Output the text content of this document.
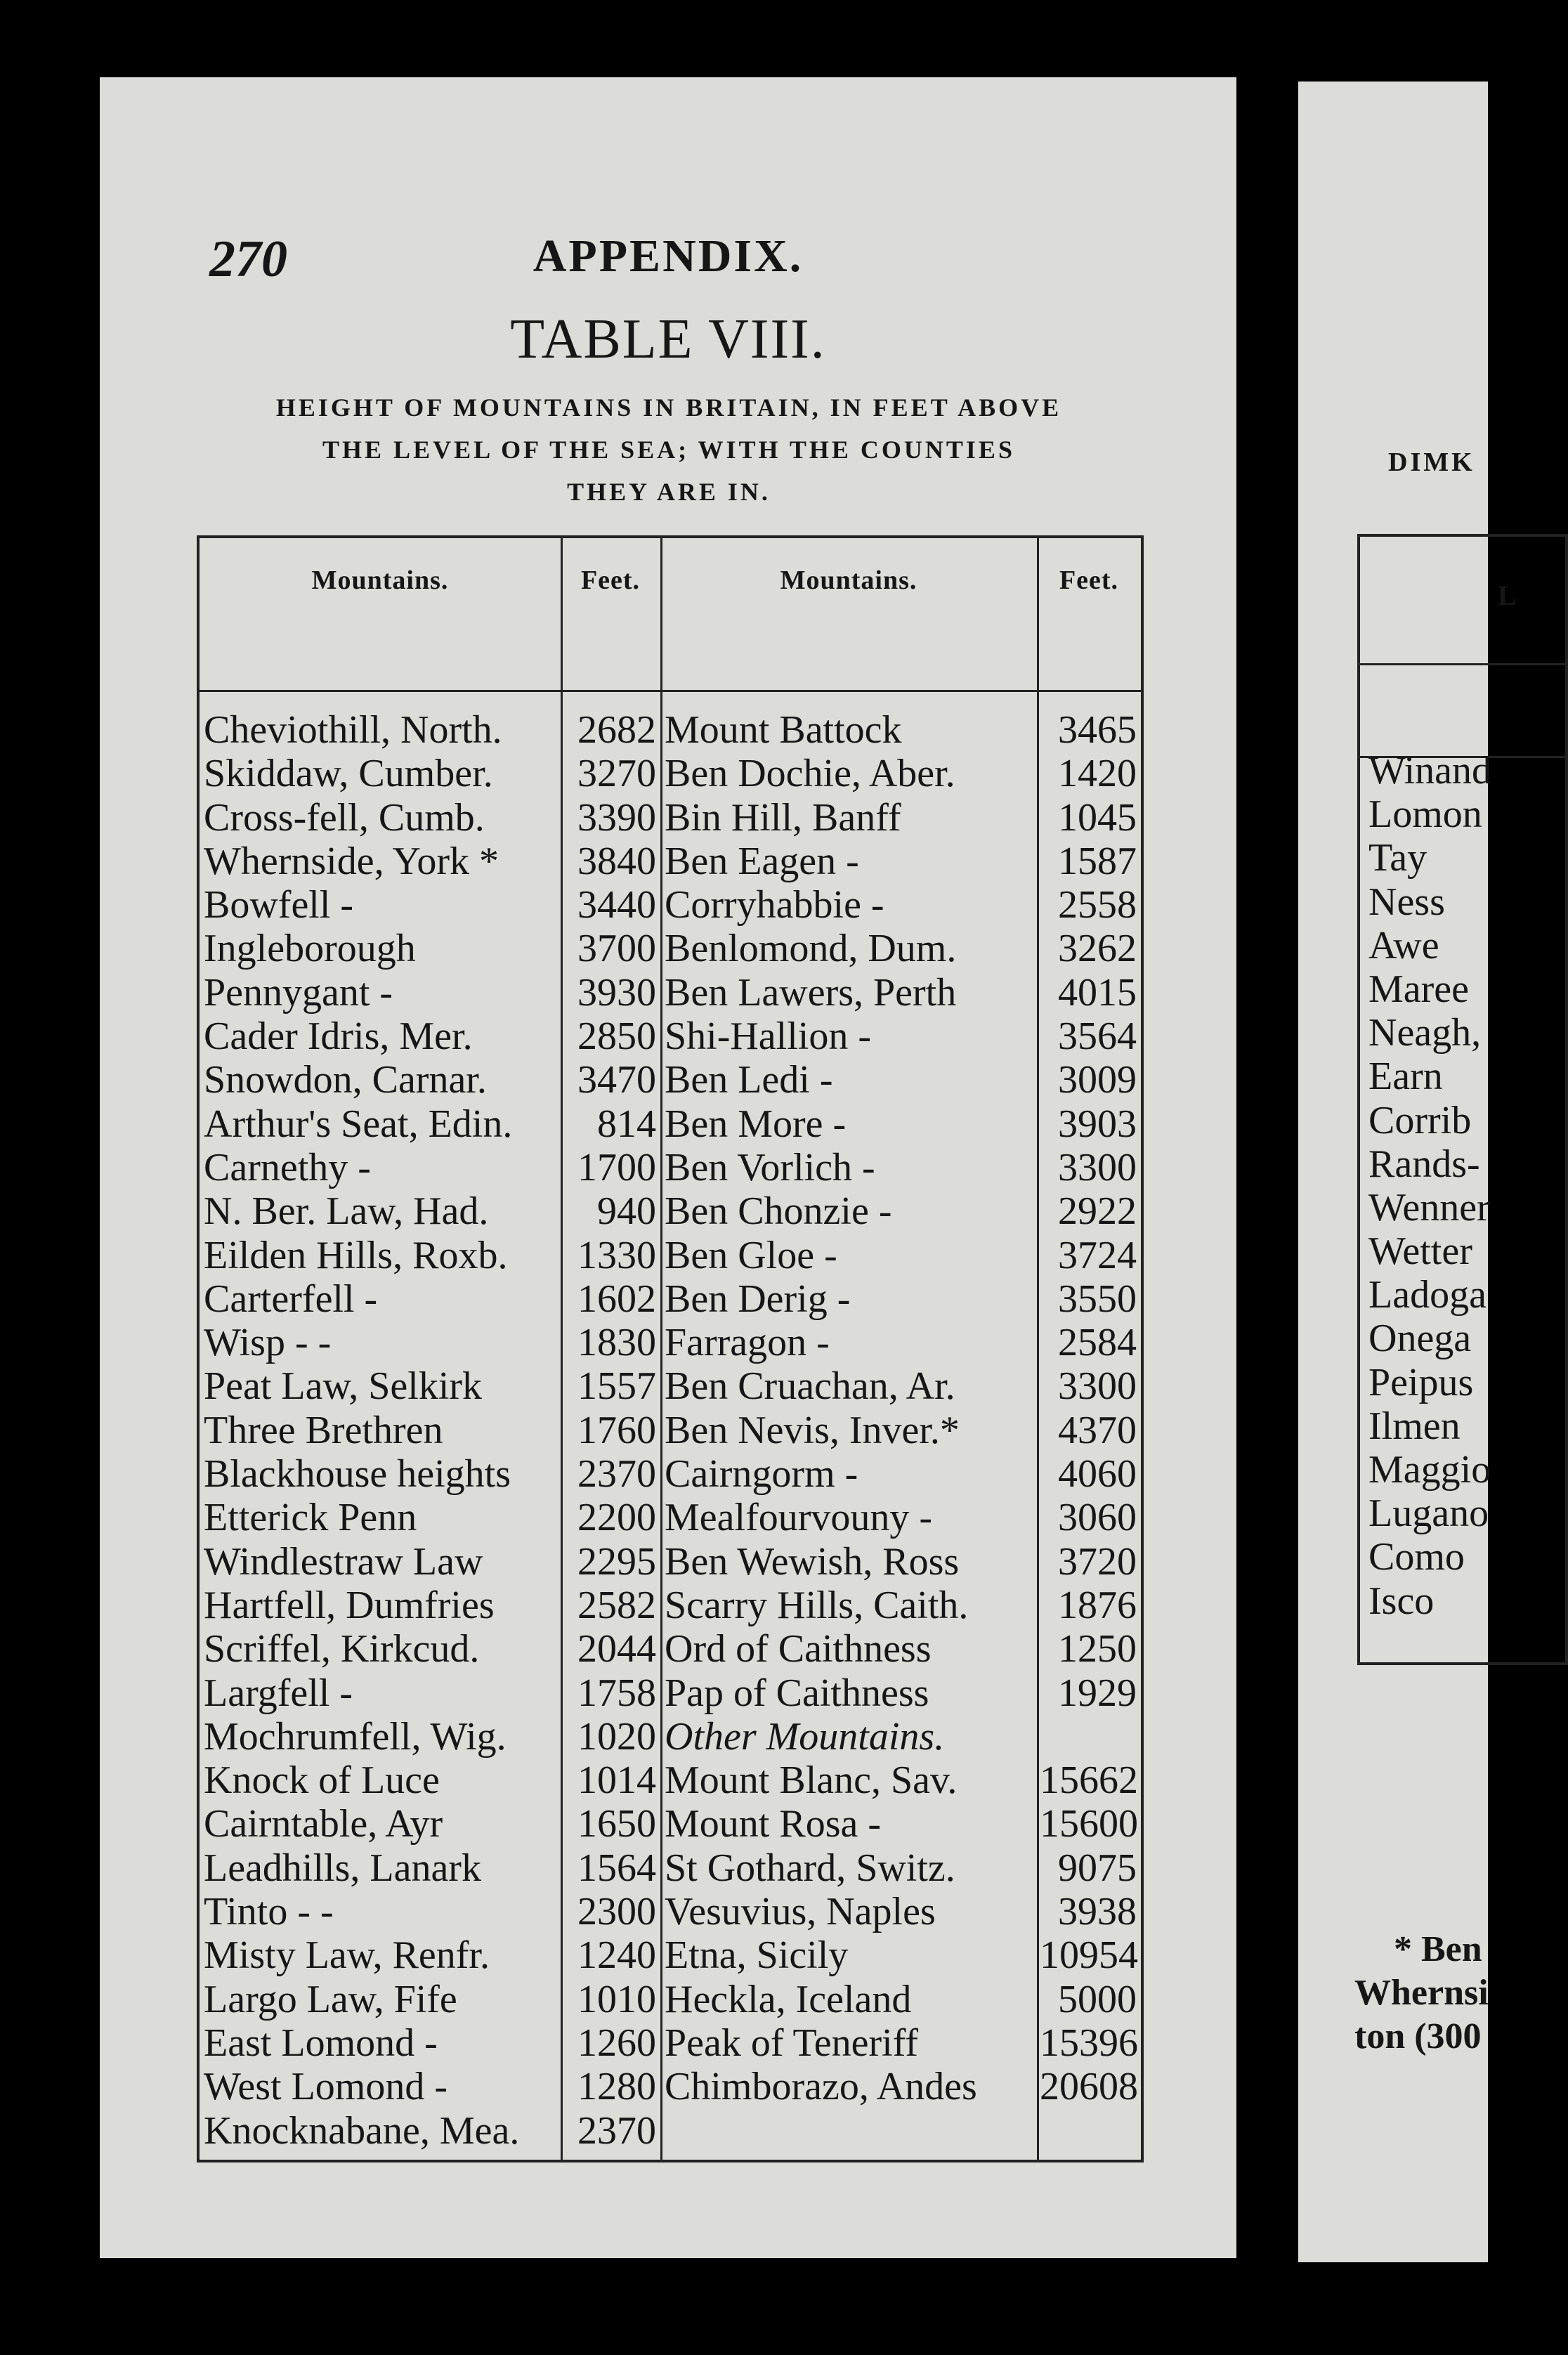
270	APPENDIX.
TABLE VIII.
HEIGHT OF MOUNTAINS IN BRITAIN, IN FEET ABOVE
THE LEVEL OF THE SEA; WITH THE COUNTIES
THEY ARE IN.
Mountains.	Feet.	Mountains.	Feet.
Cheviothill, North.	2682 Mount Battock	3465
Skiddaw, Cumber.	3270 Ben Dochie, Aber.	1420
Cross-fell, Cumb.	3390 Bin Hill, Banff	1045
Whernside, York *	3840 Ben Eagen -	1587
Bowfell -	3440 Corryhabbie -	2558
Ingleborough	3700 Benlomond, Dum.	3262
Pennygant -	3930 Ben Lawers, Perth	4015
Cader Idris, Mer.	2850 Shi-Hallion -	3564
Snowdon, Carnar.	3470 Ben Ledi -	3009
Arthur's Seat, Edin.	814 Ben More -	3903
Carnethy -	1700 Ben Vorlich -	3300
N. Ber. Law, Had.	940 Ben Chonzie -	2922
Eilden Hills, Roxb.	1330 Ben Gloe -	3724
Carterfell -	1602 Ben Derig -	3550
Wisp - -	1830 Farragon -	2584
Peat Law, Selkirk	1557 Ben Cruachan, Ar.	3300
Three Brethren	1760 Ben Nevis, Inver.*	4370
Blackhouse heights	2370 Cairngorm -	4060
Etterick Penn	2200 Mealfourvouny -	3060
Windlestraw Law	2295 Ben Wewish, Ross	3720
Hartfell, Dumfries	2582 Scarry Hills, Caith.	1876
Scriffel, Kirkcud.	2044 Ord of Caithness	1250
Largfell -	1758 Pap of Caithness	1929
Mochrumfell, Wig.	1020 Other Mountains.
Knock of Luce	1014 Mount Blanc, Sav. 15662
Cairntable, Ayr	1650 Mount Rosa -	15600
Leadhills, Lanark	1564 St Gothard, Switz.	9075
Tinto - -	2300 Vesuvius, Naples	3938
Misty Law, Renfr.	1240 Etna, Sicily	10954
Largo Law, Fife	1010 Heckla, Iceland	5000
East Lomond -	1260 Peak of Teneriff	15396
West Lomond -	1280 Chimborazo, Andes 20608
Knocknabane, Mea.	2370
DIMK
L
Winand
Lomon
Tay
Ness
Awe
Maree
Neagh,
Earn
Corrib
Rands-
Wenner
Wetter
Ladoga
Onega
Peipus
Ilmen
Maggio
Lugano
Como
Isco
* Ben
Whernsi
ton (300
